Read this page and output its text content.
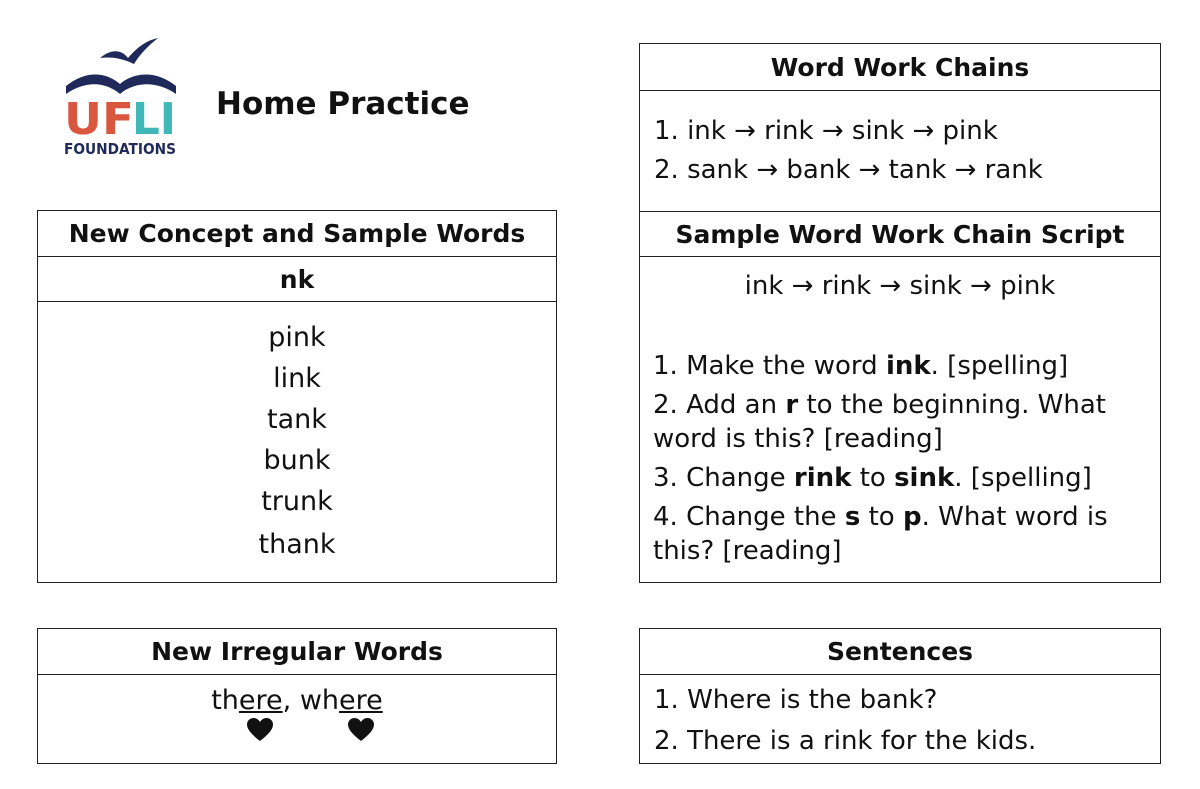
UF
LI
FOUNDATIONS
Home Practice
New Concept and Sample Words
nk
pink
link
tank
bunk
trunk
thank
New Irregular Words
there, where
Word Work Chains
1. ink → rink → sink → pink
2. sank → bank → tank → rank
Sample Word Work Chain Script
ink → rink → sink → pink
1. Make the word ink. [spelling]
2. Add an r to the beginning. What word is this? [reading]
3. Change rink to sink. [spelling]
4. Change the s to p. What word is this? [reading]
Sentences
1. Where is the bank?
2. There is a rink for the kids.
